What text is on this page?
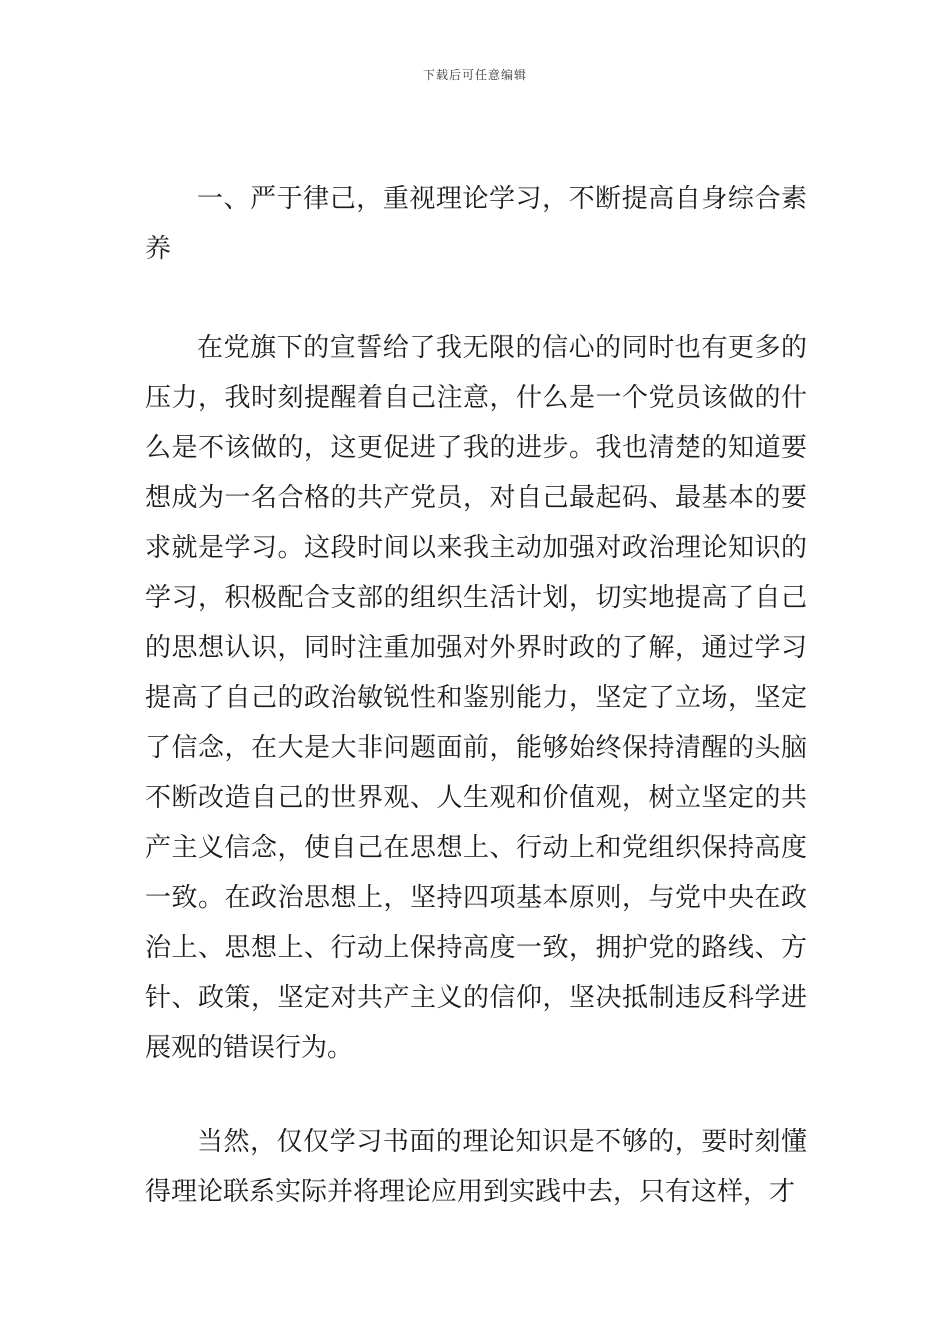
下载后可任意编辑

一、严于律己，重视理论学习，不断提高自身综合素养

在党旗下的宣誓给了我无限的信心的同时也有更多的压力，我时刻提醒着自己注意，什么是一个党员该做的什么是不该做的，这更促进了我的进步。我也清楚的知道要想成为一名合格的共产党员，对自己最起码、最基本的要求就是学习。这段时间以来我主动加强对政治理论知识的学习，积极配合支部的组织生活计划，切实地提高了自己的思想认识，同时注重加强对外界时政的了解，通过学习提高了自己的政治敏锐性和鉴别能力，坚定了立场，坚定了信念，在大是大非问题面前，能够始终保持清醒的头脑不断改造自己的世界观、人生观和价值观，树立坚定的共产主义信念，使自己在思想上、行动上和党组织保持高度一致。在政治思想上，坚持四项基本原则，与党中央在政治上、思想上、行动上保持高度一致，拥护党的路线、方针、政策，坚定对共产主义的信仰，坚决抵制违反科学进展观的错误行为。

当然，仅仅学习书面的理论知识是不够的，要时刻懂得理论联系实际并将理论应用到实践中去，只有这样，才
